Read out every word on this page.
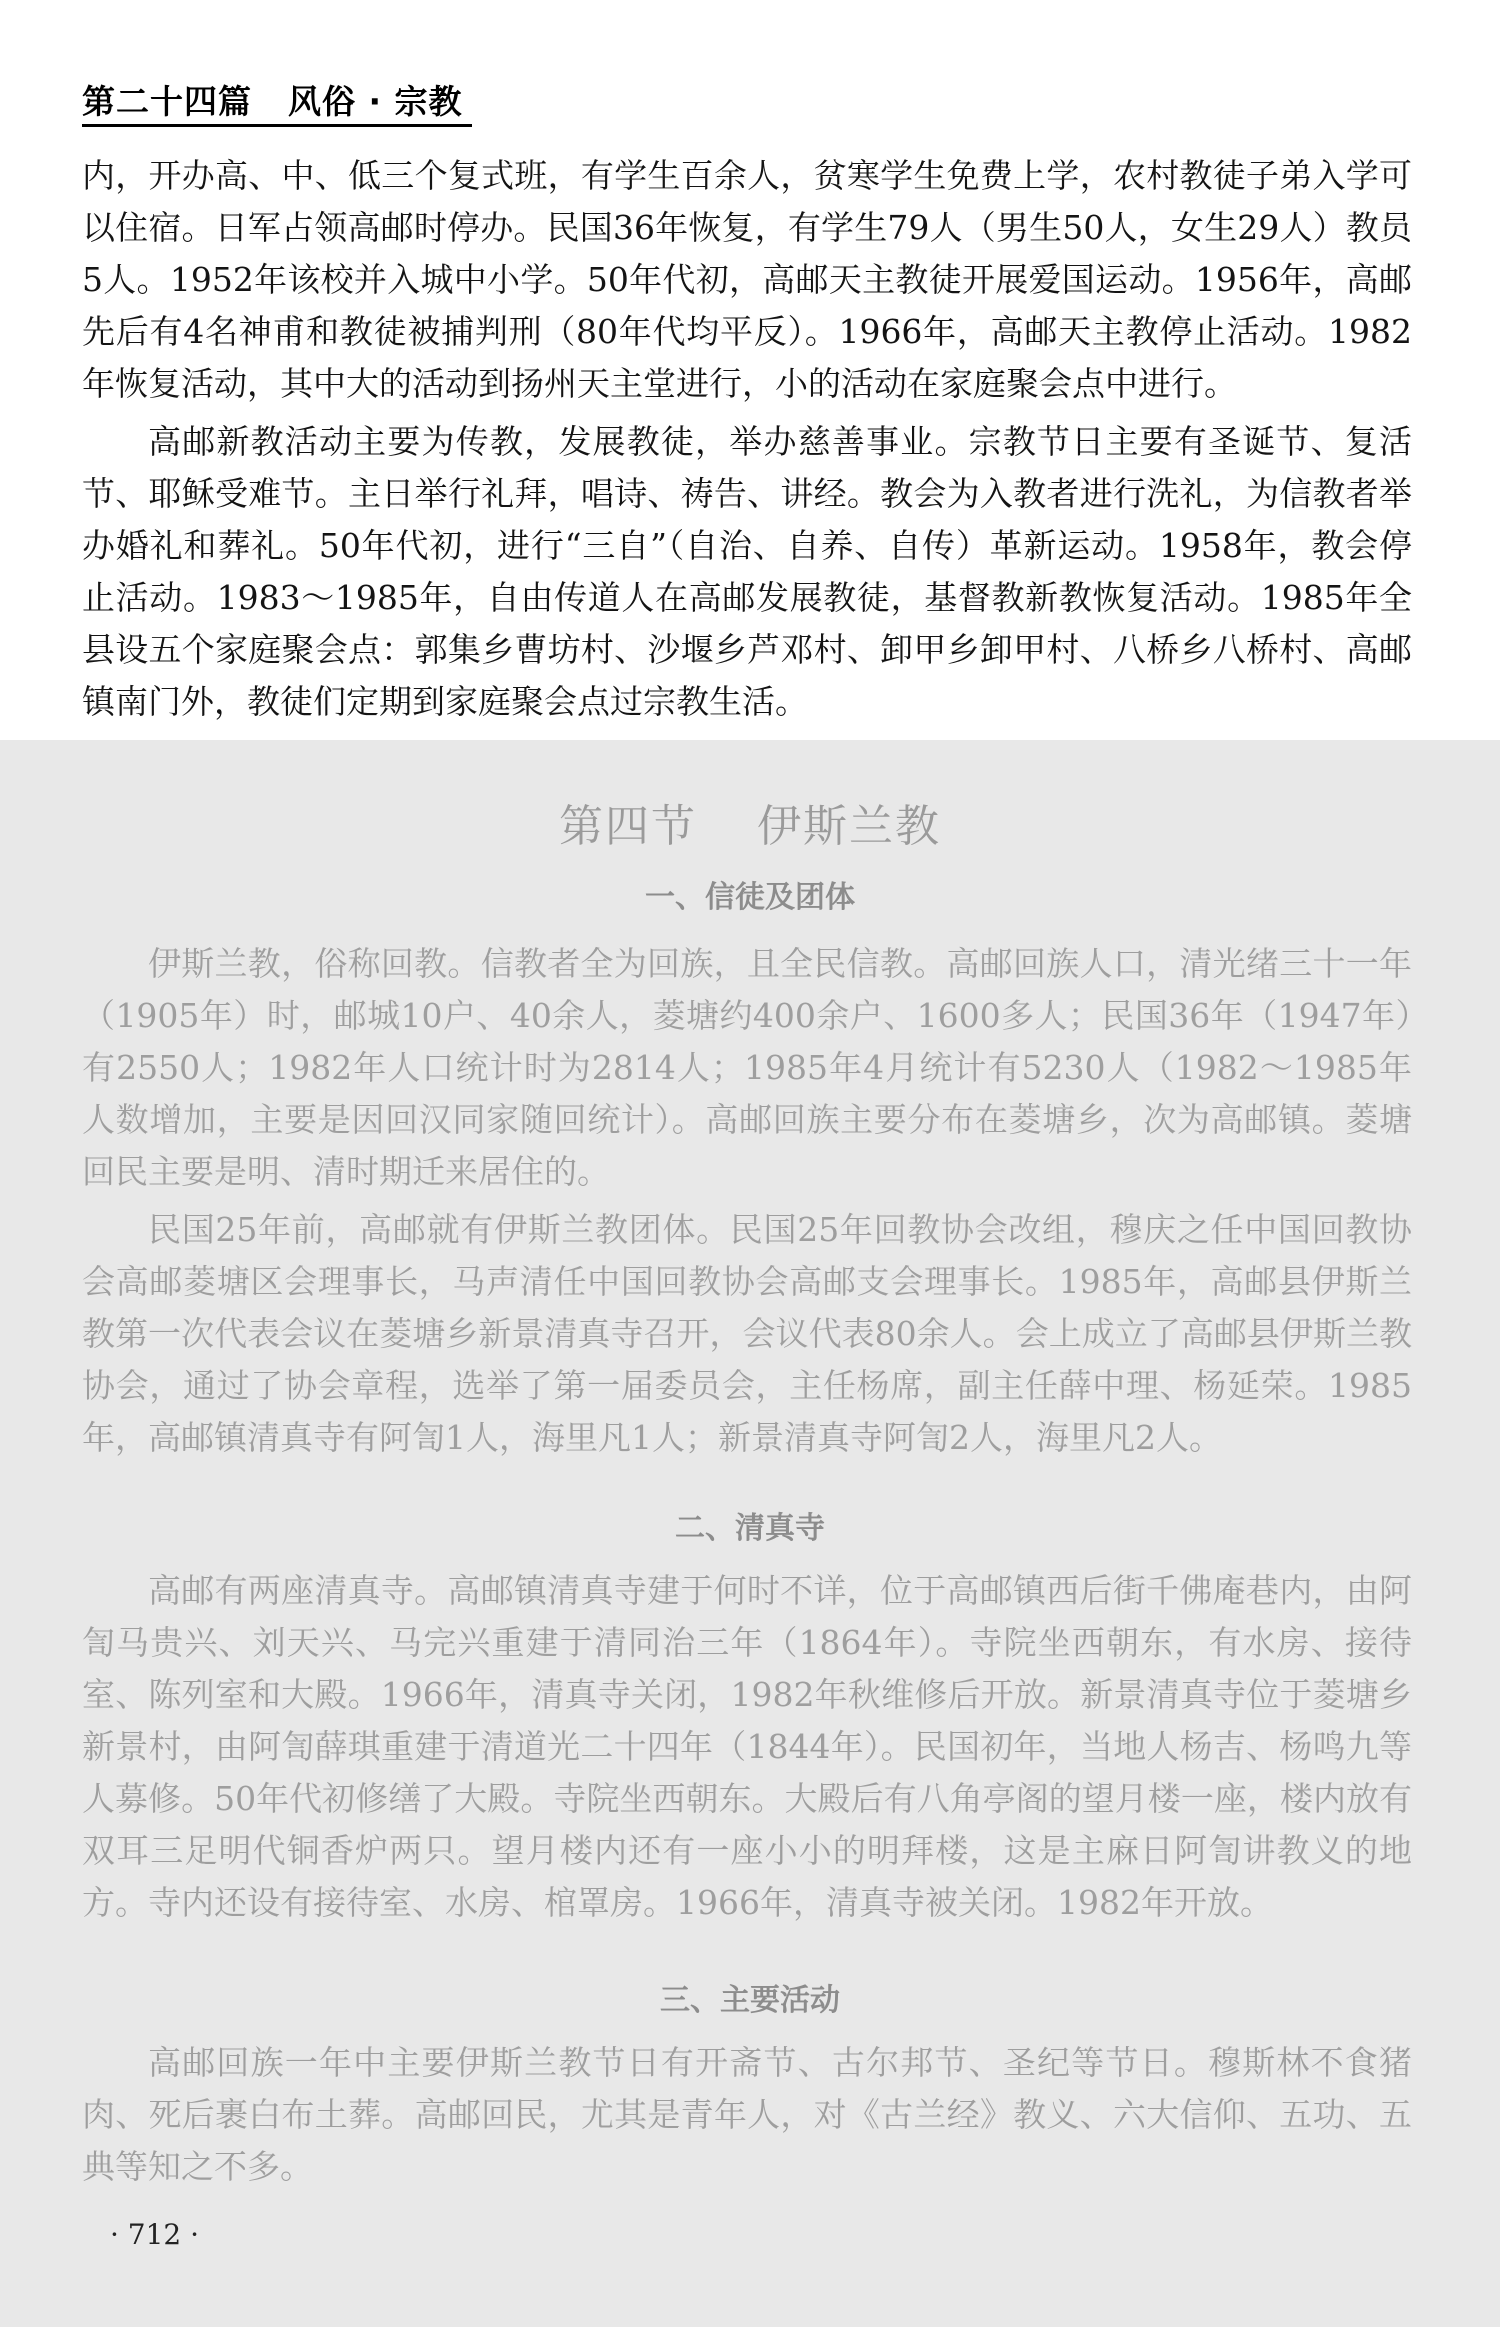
第二十四篇 风俗 · 宗教

内，开办高、中、低三个复式班，有学生百余人，贫寒学生免费上学，农村教徒子弟入学可以住宿。日军占领高邮时停办。民国36年恢复，有学生79人（男生50人，女生29人）教员5人。1952年该校并入城中小学。50年代初，高邮天主教徒开展爱国运动。1956年，高邮先后有4名神甫和教徒被捕判刑（80年代均平反）。1966年，高邮天主教停止活动。1982年恢复活动，其中大的活动到扬州天主堂进行，小的活动在家庭聚会点中进行。

高邮新教活动主要为传教，发展教徒，举办慈善事业。宗教节日主要有圣诞节、复活节、耶稣受难节。主日举行礼拜，唱诗、祷告、讲经。教会为入教者进行洗礼，为信教者举办婚礼和葬礼。50年代初，进行“三自”（自治、自养、自传）革新运动。1958年，教会停止活动。1983～1985年，自由传道人在高邮发展教徒，基督教新教恢复活动。1985年全县设五个家庭聚会点：郭集乡曹坊村、沙堰乡芦邓村、卸甲乡卸甲村、八桥乡八桥村、高邮镇南门外，教徒们定期到家庭聚会点过宗教生活。

第四节 伊斯兰教
一、信徒及团体

伊斯兰教，俗称回教。信教者全为回族，且全民信教。高邮回族人口，清光绪三十一年（1905年）时，邮城10户、40余人，菱塘约400余户、1600多人；民国36年（1947年）有2550人；1982年人口统计时为2814人；1985年4月统计有5230人（1982～1985年人数增加，主要是因回汉同家随回统计）。高邮回族主要分布在菱塘乡，次为高邮镇。菱塘回民主要是明、清时期迁来居住的。

民国25年前，高邮就有伊斯兰教团体。民国25年回教协会改组，穆庆之任中国回教协会高邮菱塘区会理事长，马声清任中国回教协会高邮支会理事长。1985年，高邮县伊斯兰教第一次代表会议在菱塘乡新景清真寺召开，会议代表80余人。会上成立了高邮县伊斯兰教协会，通过了协会章程，选举了第一届委员会，主任杨席，副主任薛中理、杨延荣。1985年，高邮镇清真寺有阿訇1人，海里凡1人；新景清真寺阿訇2人，海里凡2人。

二、清真寺

高邮有两座清真寺。高邮镇清真寺建于何时不详，位于高邮镇西后街千佛庵巷内，由阿訇马贵兴、刘天兴、马完兴重建于清同治三年（1864年）。寺院坐西朝东，有水房、接待室、陈列室和大殿。1966年，清真寺关闭，1982年秋维修后开放。新景清真寺位于菱塘乡新景村，由阿訇薛琪重建于清道光二十四年（1844年）。民国初年，当地人杨吉、杨鸣九等人募修。50年代初修缮了大殿。寺院坐西朝东。大殿后有八角亭阁的望月楼一座，楼内放有双耳三足明代铜香炉两只。望月楼内还有一座小小的明拜楼，这是主麻日阿訇讲教义的地方。寺内还设有接待室、水房、棺罩房。1966年，清真寺被关闭。1982年开放。

三、主要活动

高邮回族一年中主要伊斯兰教节日有开斋节、古尔邦节、圣纪等节日。穆斯林不食猪肉、死后裹白布土葬。高邮回民，尤其是青年人，对《古兰经》教义、六大信仰、五功、五典等知之不多。

· 712 ·
